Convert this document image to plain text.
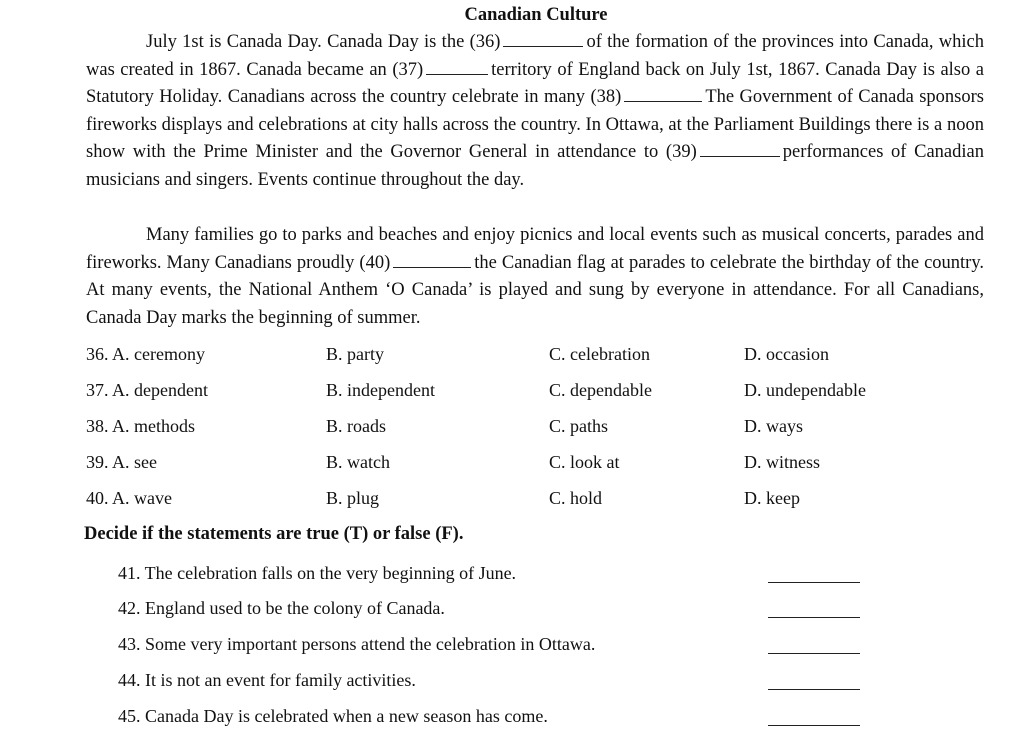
Canadian Culture

July 1st is Canada Day. Canada Day is the (36)	of the formation of the provinces into Canada, which was created in 1867. Canada became an (37)	territory of England back on July 1st, 1867. Canada Day is also a Statutory Holiday. Canadians across the country celebrate in many (38)	The Government of Canada sponsors fireworks displays and celebrations at city halls across the country. In Ottawa, at the Parliament Buildings there is a noon show with the Prime Minister and the Governor General in attendance to (39)	performances of Canadian musicians and singers. Events continue throughout the day.

Many families go to parks and beaches and enjoy picnics and local events such as musical concerts, parades and fireworks. Many Canadians proudly (40)	the Canadian flag at parades to celebrate the birthday of the country. At many events, the National Anthem ‘O Canada’ is played and sung by everyone in attendance. For all Canadians, Canada Day marks the beginning of summer.

36. A. ceremony	B. party	C. celebration	D. occasion
37. A. dependent	B. independent	C. dependable	D. undependable
38. A. methods	B. roads	C. paths	D. ways
39. A. see	B. watch	C. look at	D. witness
40. A. wave	B. plug	C. hold	D. keep
Decide if the statements are true (T) or false (F).
41. The celebration falls on the very beginning of June.
42. England used to be the colony of Canada.
43. Some very important persons attend the celebration in Ottawa.
44. It is not an event for family activities.
45. Canada Day is celebrated when a new season has come.
